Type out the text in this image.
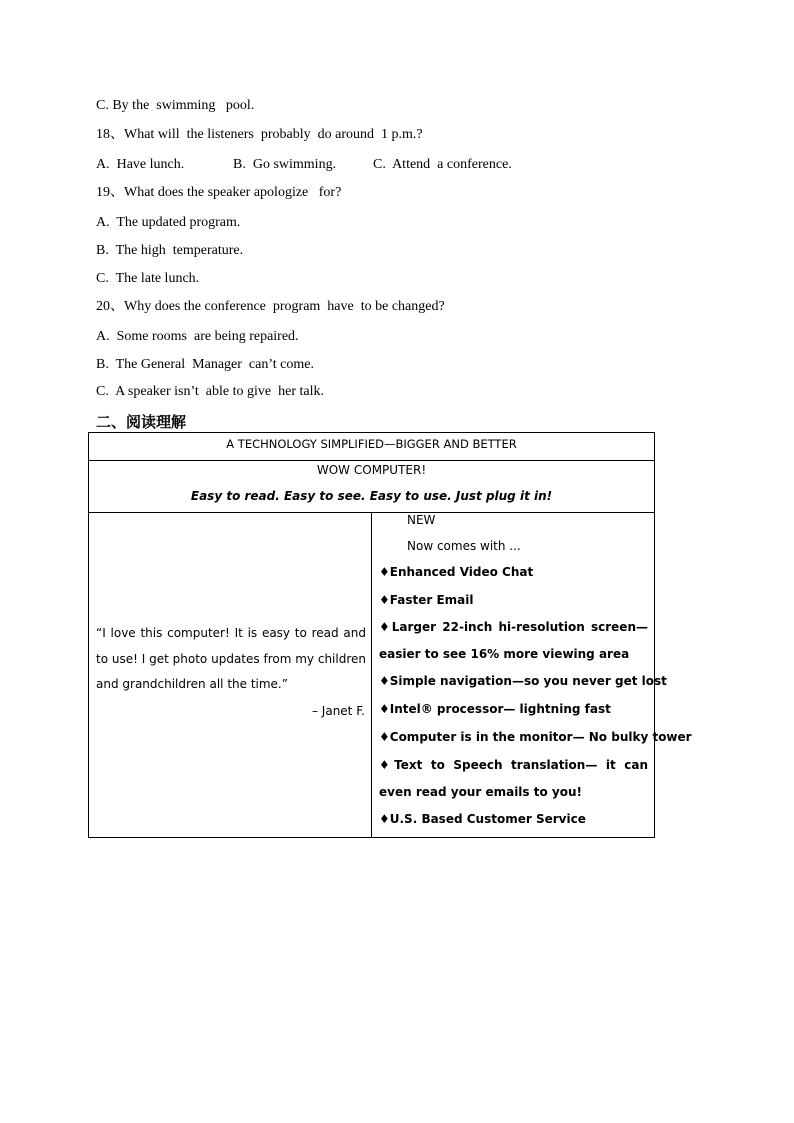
C. By the  swimming   pool.
18、What will  the listeners  probably  do around  1 p.m.?
A.  Have lunch.	B.  Go swimming.	C.  Attend  a conference.
19、What does the speaker apologize   for?
A.  The updated program.
B.  The high  temperature.
C.  The late lunch.
20、Why does the conference  program  have  to be changed?
A.  Some rooms  are being repaired.
B.  The General  Manager  can’t come.
C.  A speaker isn’t  able to give  her talk.
二、阅读理解
A TECHNOLOGY SIMPLIFIED—BIGGER AND BETTER
WOW COMPUTER!
Easy to read. Easy to see. Easy to use. Just plug it in!
“I love this computer! It is easy to read and to use! I get photo updates from my children and grandchildren all the time.”
– Janet F.
NEW
Now comes with ...
♦Enhanced Video Chat
♦Faster Email
♦Larger 22-inch hi-resolution screen—easier to see 16% more viewing area
♦Simple navigation—so you never get lost
♦Intel® processor— lightning fast
♦Computer is in the monitor— No bulky tower
♦Text to Speech translation— it can even read your emails to you!
♦U.S. Based Customer Service
